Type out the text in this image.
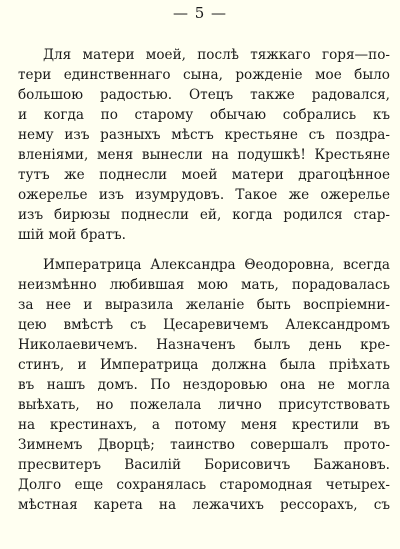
— 5 —
Для матери моей, послѣ тяжкаго горя—по-
тери единственнаго сына, рожденіе мое было
большою радостью. Отецъ также радовался,
и когда по старому обычаю собрались къ
нему изъ разныхъ мѣстъ крестьяне съ поздра-
вленіями, меня вынесли на подушкѣ! Крестьяне
тутъ же поднесли моей матери драгоцѣнное
ожерелье изъ изумрудовъ. Такое же ожерелье
изъ бирюзы поднесли ей, когда родился стар-
шій мой братъ.
Императрица Александра Θеодоровна, всегда
неизмѣнно любившая мою мать, порадовалась
за нее и выразила желаніе быть воспріемни-
цею вмѣстѣ съ Цесаревичемъ Александромъ
Николаевичемъ. Назначенъ былъ день кре-
стинъ, и Императрица должна была пріѣхать
въ нашъ домъ. По нездоровью она не могла
выѣхать, но пожелала лично присутствовать
на крестинахъ, а потому меня крестили въ
Зимнемъ Дворцѣ; таинство совершалъ прото-
пресвитеръ Василій Борисовичъ Бажановъ.
Долго еще сохранялась старомодная четырех-
мѣстная карета на лежачихъ рессорахъ, съ
